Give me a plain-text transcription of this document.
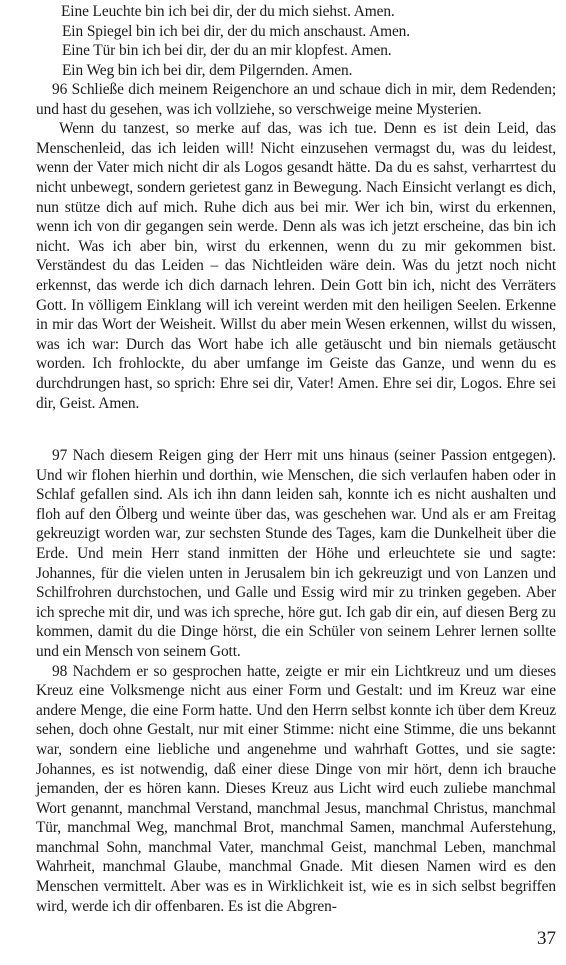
Eine Leuchte bin ich bei dir, der du mich siehst. Amen.
Ein Spiegel bin ich bei dir, der du mich anschaust. Amen.
Eine Tür bin ich bei dir, der du an mir klopfest. Amen.
Ein Weg bin ich bei dir, dem Pilgernden. Amen.

96 Schließe dich meinem Reigenchore an und schaue dich in mir, dem Redenden; und hast du gesehen, was ich vollziehe, so verschweige meine Mysterien.

Wenn du tanzest, so merke auf das, was ich tue. Denn es ist dein Leid, das Menschenleid, das ich leiden will! Nicht einzusehen vermagst du, was du leidest, wenn der Vater mich nicht dir als Logos gesandt hätte. Da du es sahst, verharrtest du nicht unbewegt, sondern gerietest ganz in Bewegung. Nach Einsicht verlangt es dich, nun stütze dich auf mich. Ruhe dich aus bei mir. Wer ich bin, wirst du erkennen, wenn ich von dir gegangen sein werde. Denn als was ich jetzt erscheine, das bin ich nicht. Was ich aber bin, wirst du erkennen, wenn du zu mir gekommen bist. Verständest du das Leiden – das Nichtleiden wäre dein. Was du jetzt noch nicht erkennst, das werde ich dich darnach lehren. Dein Gott bin ich, nicht des Verräters Gott. In völligem Einklang will ich vereint werden mit den heiligen Seelen. Erkenne in mir das Wort der Weisheit. Willst du aber mein Wesen erkennen, willst du wissen, was ich war: Durch das Wort habe ich alle getäuscht und bin niemals getäuscht worden. Ich frohlockte, du aber umfange im Geiste das Ganze, und wenn du es durchdrungen hast, so sprich: Ehre sei dir, Vater! Amen. Ehre sei dir, Logos. Ehre sei dir, Geist. Amen.

97 Nach diesem Reigen ging der Herr mit uns hinaus (seiner Passion entgegen). Und wir flohen hierhin und dorthin, wie Menschen, die sich verlaufen haben oder in Schlaf gefallen sind. Als ich ihn dann leiden sah, konnte ich es nicht aushalten und floh auf den Ölberg und weinte über das, was geschehen war. Und als er am Freitag gekreuzigt worden war, zur sechsten Stunde des Tages, kam die Dunkelheit über die Erde. Und mein Herr stand inmitten der Höhe und erleuchtete sie und sagte: Johannes, für die vielen unten in Jerusalem bin ich gekreuzigt und von Lanzen und Schilfrohren durchstochen, und Galle und Essig wird mir zu trinken gegeben. Aber ich spreche mit dir, und was ich spreche, höre gut. Ich gab dir ein, auf diesen Berg zu kommen, damit du die Dinge hörst, die ein Schüler von seinem Lehrer lernen sollte und ein Mensch von seinem Gott.

98 Nachdem er so gesprochen hatte, zeigte er mir ein Lichtkreuz und um dieses Kreuz eine Volksmenge nicht aus einer Form und Gestalt: und im Kreuz war eine andere Menge, die eine Form hatte. Und den Herrn selbst konnte ich über dem Kreuz sehen, doch ohne Gestalt, nur mit einer Stimme: nicht eine Stimme, die uns bekannt war, sondern eine liebliche und angenehme und wahrhaft Gottes, und sie sagte: Johannes, es ist notwendig, daß einer diese Dinge von mir hört, denn ich brauche jemanden, der es hören kann. Dieses Kreuz aus Licht wird euch zuliebe manchmal Wort genannt, manchmal Verstand, manchmal Jesus, manchmal Christus, manchmal Tür, manchmal Weg, manchmal Brot, manchmal Samen, manchmal Auferstehung, manchmal Sohn, manchmal Vater, manchmal Geist, manchmal Leben, manchmal Wahrheit, manchmal Glaube, manchmal Gnade. Mit diesen Namen wird es den Menschen vermittelt. Aber was es in Wirklichkeit ist, wie es in sich selbst begriffen wird, werde ich dir offenbaren. Es ist die Abgren-

37
